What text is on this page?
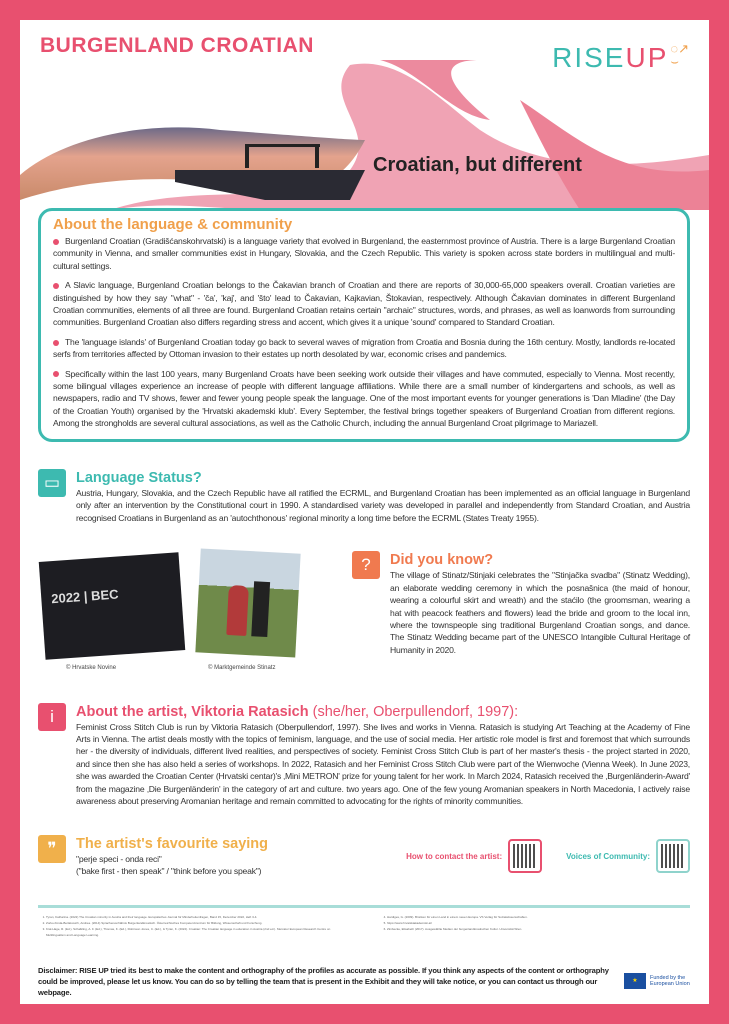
BURGENLAND CROATIAN	RISEUP ◌↗
⌣
Croatian, but different
About the language & community

Burgenland Croatian (Gradišćanskohrvatski) is a language variety that evolved in Burgenland, the easternmost province of Austria. There is a large Burgenland Croatian community in Vienna, and smaller communities exist in Hungary, Slovakia, and the Czech Republic. This variety is spoken across state borders in multilingual and multi-cultural settings.

A Slavic language, Burgenland Croatian belongs to the Čakavian branch of Croatian and there are reports of 30,000-65,000 speakers overall. Croatian varieties are distinguished by how they say "what" - 'ča', 'kaj', and 'što' lead to Čakavian, Kajkavian, Štokavian, respectively. Although Čakavian dominates in different Burgenland Croatian communities, elements of all three are found. Burgenland Croatian retains certain "archaic" structures, words, and phrases, as well as loanwords from surrounding communities. Burgenland Croatian also differs regarding stress and accent, which gives it a unique 'sound' compared to Standard Croatian.

The 'language islands' of Burgenland Croatian today go back to several waves of migration from Croatia and Bosnia during the 16th century. Mostly, landlords re-located serfs from territories affected by Ottoman invasion to their estates up north desolated by war, economic crises and pandemics.

Specifically within the last 100 years, many Burgenland Croats have been seeking work outside their villages and have commuted, especially to Vienna. Most recently, some bilingual villages experience an increase of people with different language affiliations. While there are a small number of kindergartens and schools, as well as newspapers, radio and TV shows, fewer and fewer young people speak the language. One of the most important events for younger generations is 'Dan Mladine' (the Day of the Croatian Youth) organised by the 'Hrvatski akademski klub'. Every September, the festival brings together speakers of Burgenland Croatian from different regions. Among the strongholds are several cultural associations, as well as the Catholic Church, including the annual Burgenland Croat pilgrimage to Mariazell.

▭	Language Status?

Austria, Hungary, Slovakia, and the Czech Republic have all ratified the ECRML, and Burgenland Croatian has been implemented as an official language in Burgenland only after an intervention by the Constitutional court in 1990. A standardised variety was developed in parallel and independently from Standard Croatian, and Austria recognised Croatians in Burgenland as an 'autochthonous' regional minority a long time before the ECRML (States Treaty 1955).

2022 | BEC
© Hrvatske Novine	© Marktgemeinde Stinatz
?	Did you know?

The village of Stinatz/Stinjaki celebrates the "Stinjačka svadba" (Stinatz Wedding), an elaborate wedding ceremony in which the posnašnica (the maid of honour, wearing a colourful skirt and wreath) and the staćilo (the groomsman, wearing a hat with peacock feathers and flowers) lead the bride and groom to the local inn, where the townspeople sing traditional Burgenland Croatian songs, and dance. The Stinatz Wedding became part of the UNESCO Intangible Cultural Heritage of Humanity in 2020.

i	About the artist, Viktoria Ratasich (she/her, Oberpullendorf, 1997):

Feminist Cross Stitch Club is run by Viktoria Ratasich (Oberpullendorf, 1997). She lives and works in Vienna. Ratasich is studying Art Teaching at the Academy of Fine Arts in Vienna. The artist deals mostly with the topics of feminism, language, and the use of social media. Her artistic role model is first and foremost that which surrounds her - the diversity of individuals, different lived realities, and perspectives of society. Feminist Cross Stitch Club is part of her master's thesis - the project started in 2020, and since then she has also held a series of workshops. In 2022, Ratasich and her Feminist Cross Stitch Club were part of the Wienwoche (Vienna Week). In June 2023, she was awarded the Croatian Center (Hrvatski centar)'s ‚Mini METRON' prize for young talent for her work. In March 2024, Ratasich received the ‚Burgenländerin-Award' from the magazine ‚Die Burgenländerin' in the category of art and culture. two years ago. One of the few young Aromanian speakers in North Macedonia, I actively raise awareness about preserving Aromanian heritage and remain committed to advocating for the rights of minority communities.

❞	The artist's favourite saying

"perje speci - onda reci"

("bake first - then speak" / "think before you speak")

How to contact the artist:	Voices of Community:
1. Tyran, Katharina. (2022) The Croatian minority in Austria and their language. Europäisches Journal für Minderheitenfragen, Band 15, Dezember 2022, Heft 3-4.
2. Zorko-Kinda-Berlakovich, Andrea. (2014) Sprachenverhältnis Burgenlandkroatisch. Österreichisches Kompetenzzentrum für Bildung, Wissenschaft und Forschung.
3. Kral-Hage, R. (Ed.), Schalkling, A. F. (Ed.), Thomas, K. (Ed.), Robinson Jones, C. (Ed.), & Tyran, K. (2022). Croatian: The Croatian language in education in Austria (2nd ed.). Mercator European Research Centre on Multilingualism and Language Learning.
4. Hardiges, G. (2009). Brücken für einen Land in einem neuen Europa. VS Verlag für Sozialwissenschaften.
5. https://www.hrvatskiakademski.at/
6. Zimbecke, Elisabeth (2017). Ausgewählte Medien der burgenlandkroatischen Kultur. Universität Wien.
Disclaimer: RISE UP tried its best to make the content and orthography of the profiles as accurate as possible. If you think any aspects of the content or orthography could be improved, please let us know. You can do so by telling the team that is present in the Exhibit and they will take notice, or you can contact us through our webpage.
★	Funded by the European Union
